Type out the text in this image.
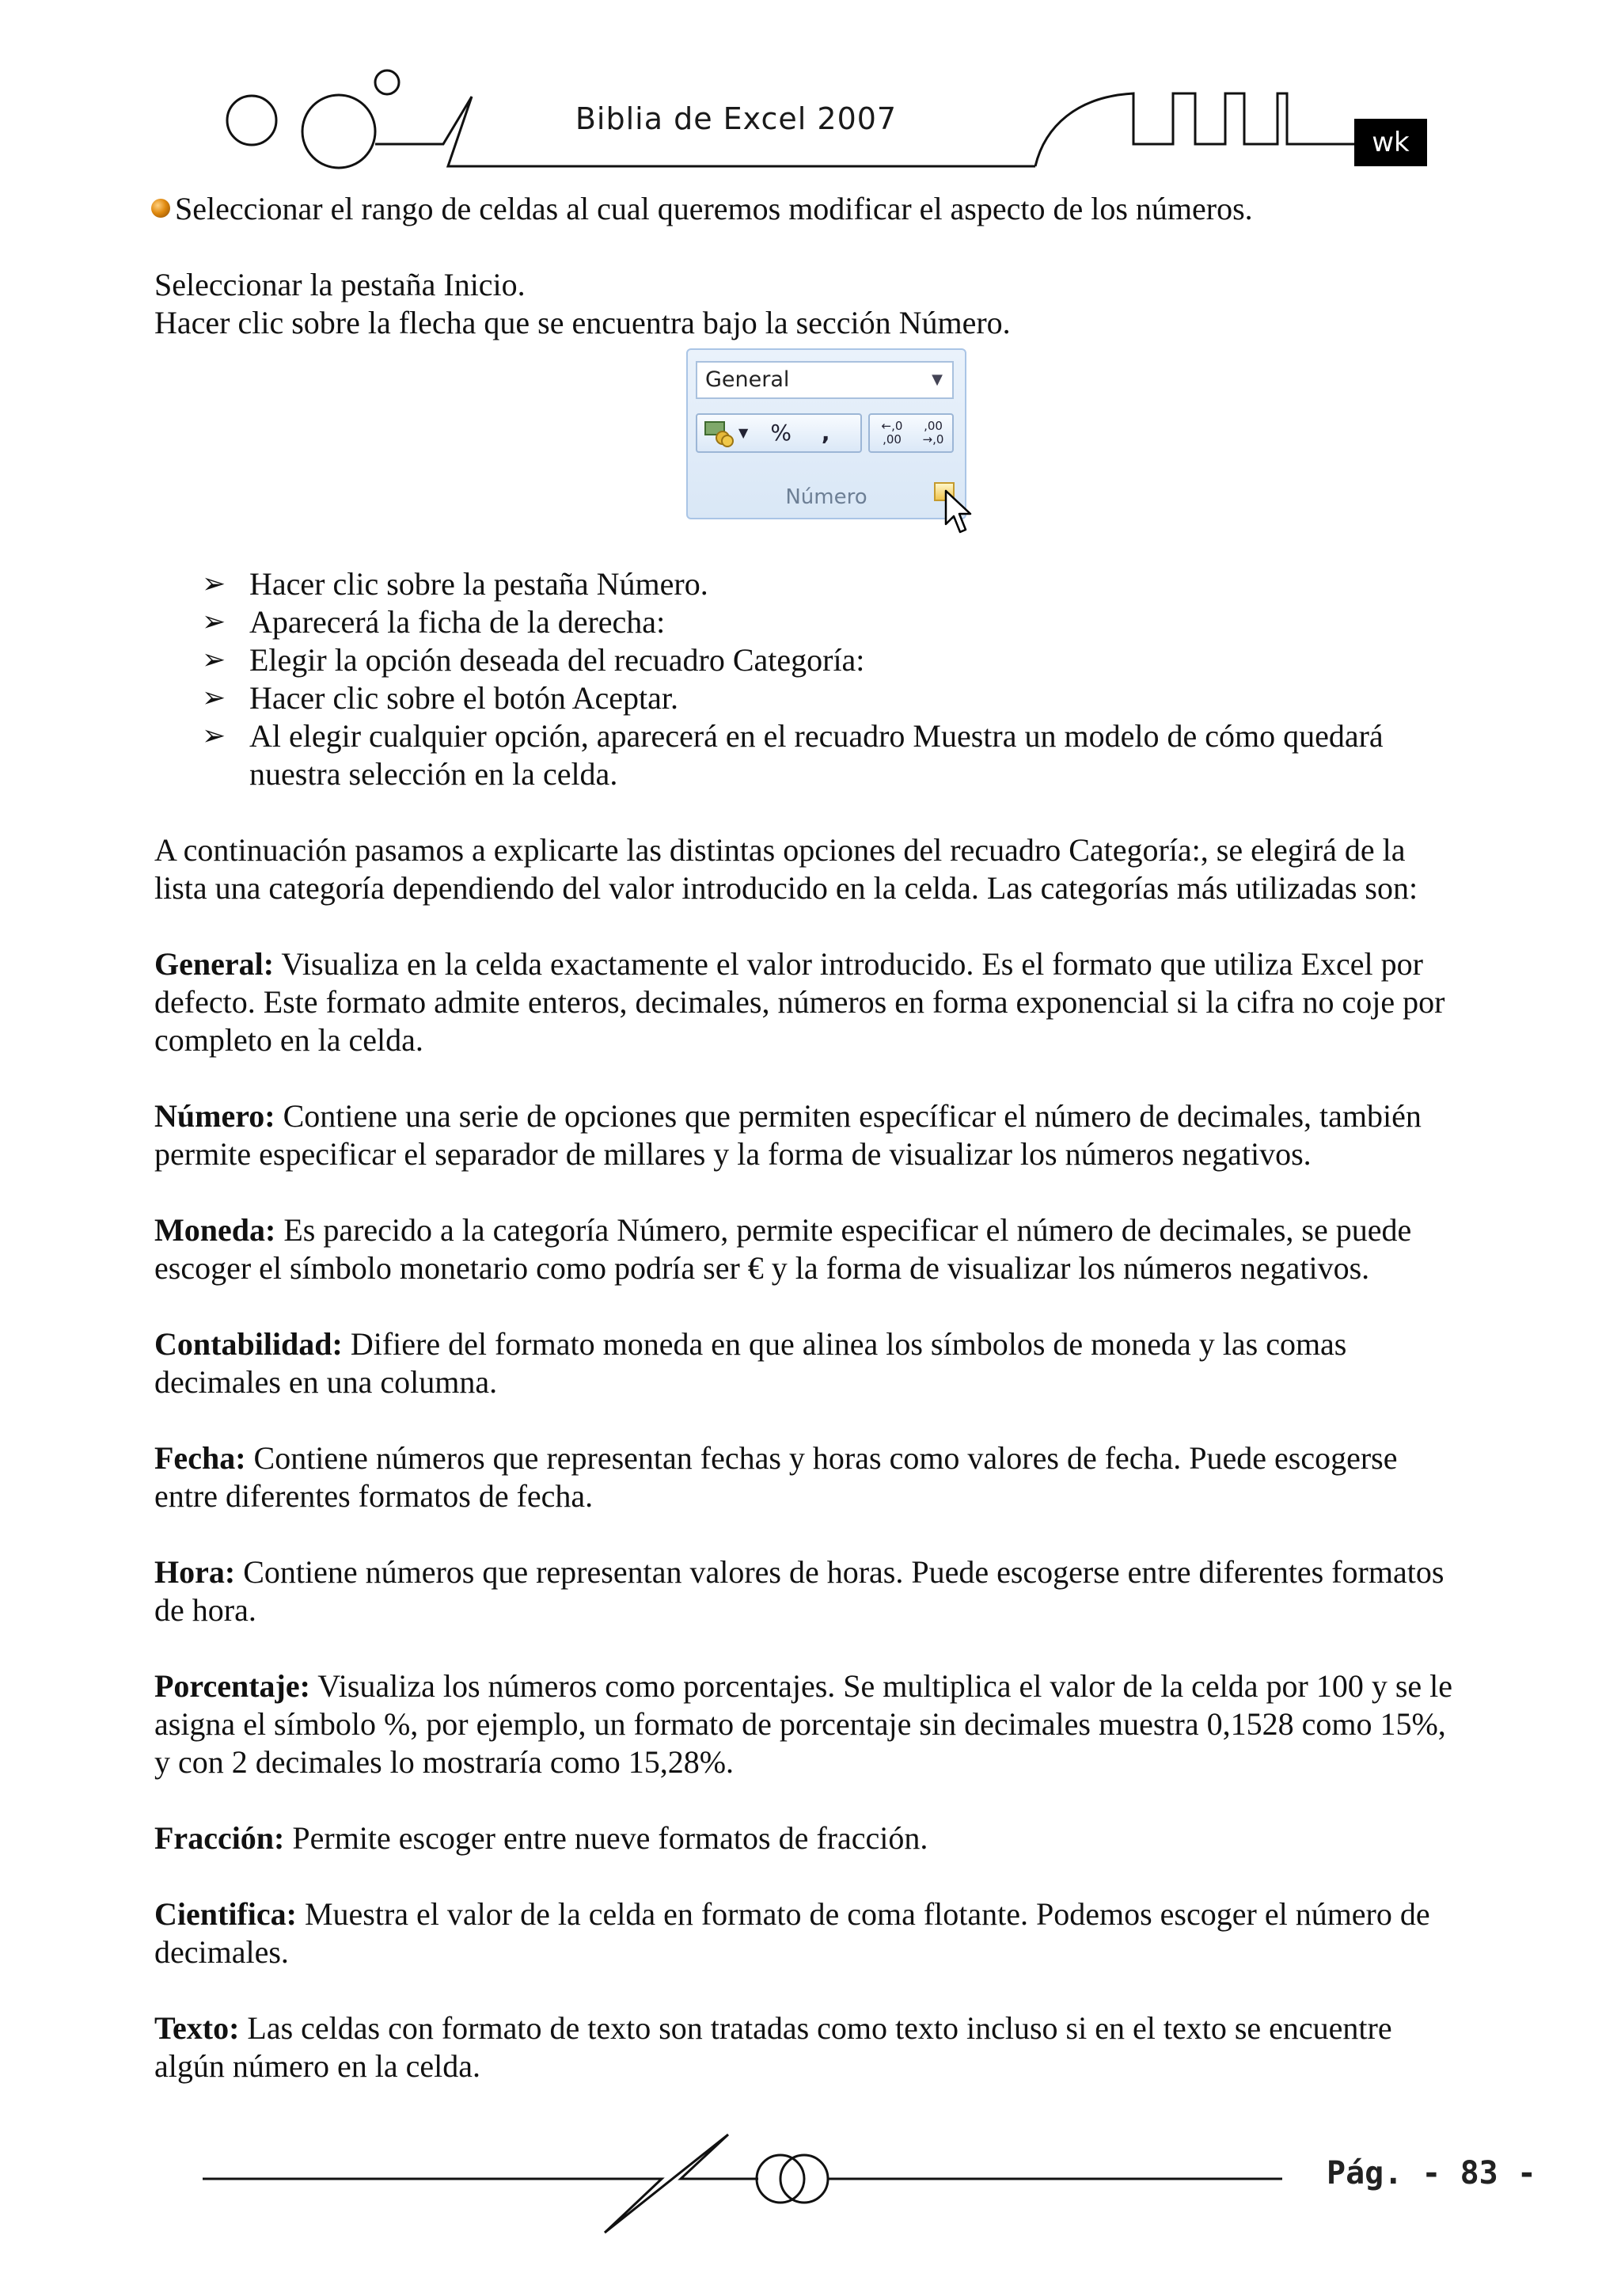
Biblia de Excel 2007
wk

Seleccionar el rango de celdas al cual queremos modificar el aspecto de los números.

Seleccionar la pestaña Inicio.

Hacer clic sobre la flecha que se encuentra bajo la sección Número.

General	▼
▼ % ,	←,0 ,00
,00 →,0
Número
➢ Hacer clic sobre la pestaña Número.
➢ Aparecerá la ficha de la derecha:
➢ Elegir la opción deseada del recuadro Categoría:
➢ Hacer clic sobre el botón Aceptar.
➢ Al elegir cualquier opción, aparecerá en el recuadro Muestra un modelo de cómo quedará
nuestra selección en la celda.

A continuación pasamos a explicarte las distintas opciones del recuadro Categoría:, se elegirá de la

lista una categoría dependiendo del valor introducido en la celda. Las categorías más utilizadas son:

General: Visualiza en la celda exactamente el valor introducido. Es el formato que utiliza Excel por

defecto. Este formato admite enteros, decimales, números en forma exponencial si la cifra no coje por

completo en la celda.

Número: Contiene una serie de opciones que permiten específicar el número de decimales, también

permite especificar el separador de millares y la forma de visualizar los números negativos.

Moneda: Es parecido a la categoría Número, permite especificar el número de decimales, se puede

escoger el símbolo monetario como podría ser € y la forma de visualizar los números negativos.

Contabilidad: Difiere del formato moneda en que alinea los símbolos de moneda y las comas

decimales en una columna.

Fecha: Contiene números que representan fechas y horas como valores de fecha. Puede escogerse

entre diferentes formatos de fecha.

Hora: Contiene números que representan valores de horas. Puede escogerse entre diferentes formatos

de hora.

Porcentaje: Visualiza los números como porcentajes. Se multiplica el valor de la celda por 100 y se le

asigna el símbolo %, por ejemplo, un formato de porcentaje sin decimales muestra 0,1528 como 15%,

y con 2 decimales lo mostraría como 15,28%.

Fracción: Permite escoger entre nueve formatos de fracción.

Cientifica: Muestra el valor de la celda en formato de coma flotante. Podemos escoger el número de

decimales.

Texto: Las celdas con formato de texto son tratadas como texto incluso si en el texto se encuentre

algún número en la celda.

Pág. - 83 -
